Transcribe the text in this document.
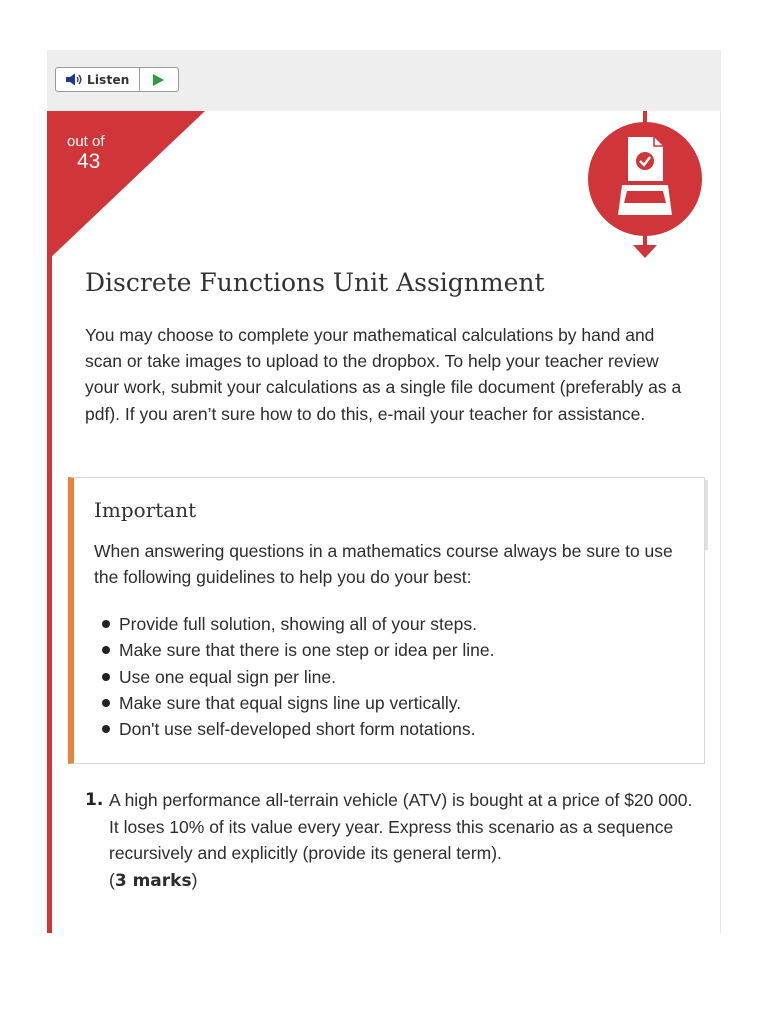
Listen
out of
43
Discrete Functions Unit Assignment

You may choose to complete your mathematical calculations by hand and scan or take images to upload to the dropbox. To help your teacher review your work, submit your calculations as a single file document (preferably as a pdf). If you aren’t sure how to do this, e-mail your teacher for assistance.

Important

When answering questions in a mathematics course always be sure to use the following guidelines to help you do your best:

Provide full solution, showing all of your steps.
Make sure that there is one step or idea per line.
Use one equal sign per line.
Make sure that equal signs line up vertically.
Don't use self-developed short form notations.
1. A high performance all-terrain vehicle (ATV) is bought at a price of $20 000. It loses 10% of its value every year. Express this scenario as a sequence recursively and explicitly (provide its general term).
(3 marks)
